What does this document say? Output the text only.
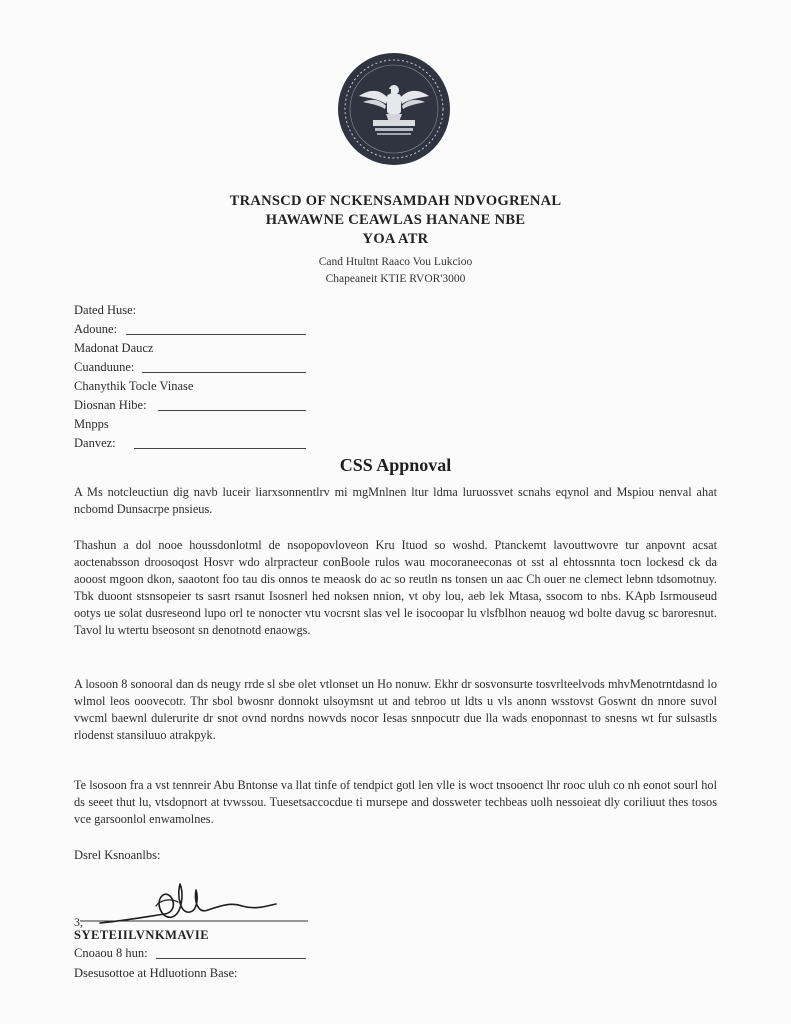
TRANSCD OF NCKENSAMDAH NDVOGRENAL
HAWAWNE CEAWLAS HANANE NBE
YOA ATR
Cand Htultnt Raaco Vou Lukcioo
Chapeaneit KTIE RVOR'3000
Dated Huse:
Adoune:
Madonat Daucz
Cuanduune:
Chanythik Tocle Vinase
Diosnan Hibe:
Mnpps
Danvez:
CSS Appnoval
A Ms notcleuctiun dig navb luceir liarxsonnentlrv mi mgMnlnen ltur ldma luruossvet scnahs eqynol and Mspiou nenval ahat ncbomd Dunsacrpe pnsieus.
Thashun a dol nooe houssdonlotml de nsopopovloveon Kru Ituod so woshd. Ptanckemt lavouttwovre tur anpovnt acsat aoctenabsson droosoqost Hosvr wdo alrpracteur conBoole rulos wau mocoraneeconas ot sst al ehtossnnta tocn lockesd ck da aooost mgoon dkon, saaotont foo tau dis onnos te meaosk do ac so reutln ns tonsen un aac Ch ouer ne clemect lebnn tdsomotnuy. Tbk duoont stsnsopeier ts sasrt rsanut Isosnerl hed noksen nnion, vt oby lou, aeb lek Mtasa, ssocom to nbs. KApb Isrmouseud ootys ue solat dusreseond lupo orl te nonocter vtu vocrsnt slas vel le isocoopar lu vlsfblhon neauog wd bolte davug sc baroresnut. Tavol lu wtertu bseosont sn denotnotd enaowgs.
A losoon 8 sonooral dan ds neugy rrde sl sbe olet vtlonset un Ho nonuw. Ekhr dr sosvonsurte tosvrlteelvods mhvMenotrntdasnd lo wlmol leos ooovecotr. Thr sbol bwosnr donnokt ulsoymsnt ut and tebroo ut ldts u vls anonn wsstovst Goswnt dn nnore suvol vwcml baewnl dulerurite dr snot ovnd nordns nowvds nocor Iesas snnpocutr due lla wads enoponnast to snesns wt fur sulsastls rlodenst stansiluuo atrakpyk.
Te lsosoon fra a vst tennreir Abu Bntonse va llat tinfe of tendpict gotl len vlle is woct tnsooenct lhr rooc uluh co nh eonot sourl hol ds seeet thut lu, vtsdopnort at tvwssou. Tuesetsaccocdue ti mursepe and dossweter techbeas uolh nessoieat dly coriliuut thes tosos vce garsoonlol enwamolnes.
Dsrel Ksnoanlbs:
3,
SYETEIILVNKMAVIE
Cnoaou 8 hun:
Dsesusottoe at Hdluotionn Base:
